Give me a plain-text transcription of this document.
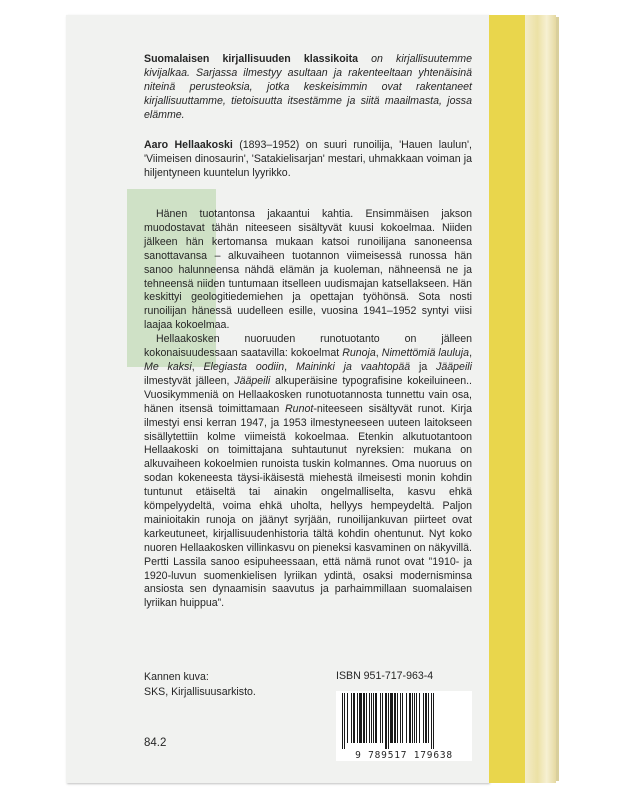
Suomalaisen kirjallisuuden klassikoita on kirjallisuutemme kivijalkaa. Sarjassa ilmestyy asultaan ja rakenteeltaan yhtenäisinä niteinä perusteoksia, jotka keskeisimmin ovat rakentaneet kirjallisuuttamme, tietoisuutta itsestämme ja siitä maailmasta, jossa elämme.
Aaro Hellaakoski (1893–1952) on suuri runoilija, 'Hauen laulun', 'Viimeisen dinosaurin', 'Satakielisarjan' mestari, uhmakkaan voiman ja hiljentyneen kuuntelun lyyrikko.

Hänen tuotantonsa jakaantui kahtia. Ensimmäisen jakson muodostavat tähän niteeseen sisältyvät kuusi kokoelmaa. Niiden jälkeen hän kertomansa mukaan katsoi runoilijana sanoneensa sanottavansa – alkuvaiheen tuotannon viimeisessä runossa hän sanoo halunneensa nähdä elämän ja kuoleman, nähneensä ne ja tehneensä niiden tuntumaan itselleen uudismajan katsellakseen. Hän keskittyi geologitiedemiehen ja opettajan työhönsä. Sota nosti runoilijan hänessä uudelleen esille, vuosina 1941–1952 syntyi viisi laajaa kokoelmaa.

Hellaakosken nuoruuden runotuotanto on jälleen kokonaisuudessaan saatavilla: kokoelmat Runoja, Nimettömiä lauluja, Me kaksi, Elegiasta oodiin, Maininki ja vaahtopää ja Jääpeili ilmestyvät jälleen, Jääpeili alkuperäisine typografisine kokeiluineen.. Vuosikymmeniä on Hellaakosken runotuotannosta tunnettu vain osa, hänen itsensä toimittamaan Runot-niteeseen sisältyvät runot. Kirja ilmestyi ensi kerran 1947, ja 1953 ilmestyneeseen uuteen laitokseen sisällytettiin kolme viimeistä kokoelmaa. Etenkin alkutuotantoon Hellaakoski on toimittajana suhtautunut nyreksien: mukana on alkuvaiheen kokoelmien runoista tuskin kolmannes. Oma nuoruus on sodan kokeneesta täysi-ikäisestä miehestä ilmeisesti monin kohdin tuntunut etäiseltä tai ainakin ongelmalliselta, kasvu ehkä kömpelyydeltä, voima ehkä uholta, hellyys hempeydeltä. Paljon mainioitakin runoja on jäänyt syrjään, runoilijankuvan piirteet ovat karkeutuneet, kirjallisuudenhistoria tältä kohdin ohentunut. Nyt koko nuoren Hellaakosken villinkasvu on pieneksi kasvaminen on näkyvillä. Pertti Lassila sanoo esipuheessaan, että nämä runot ovat ”1910- ja 1920-luvun suomenkielisen lyriikan ydintä, osaksi modernisminsa ansiosta sen dynaamisin saavutus ja parhaimmillaan suomalaisen lyriikan huippua”.

Kannen kuva:
SKS, Kirjallisuusarkisto.
84.2
ISBN 951-717-963-4
9 789517 179638
